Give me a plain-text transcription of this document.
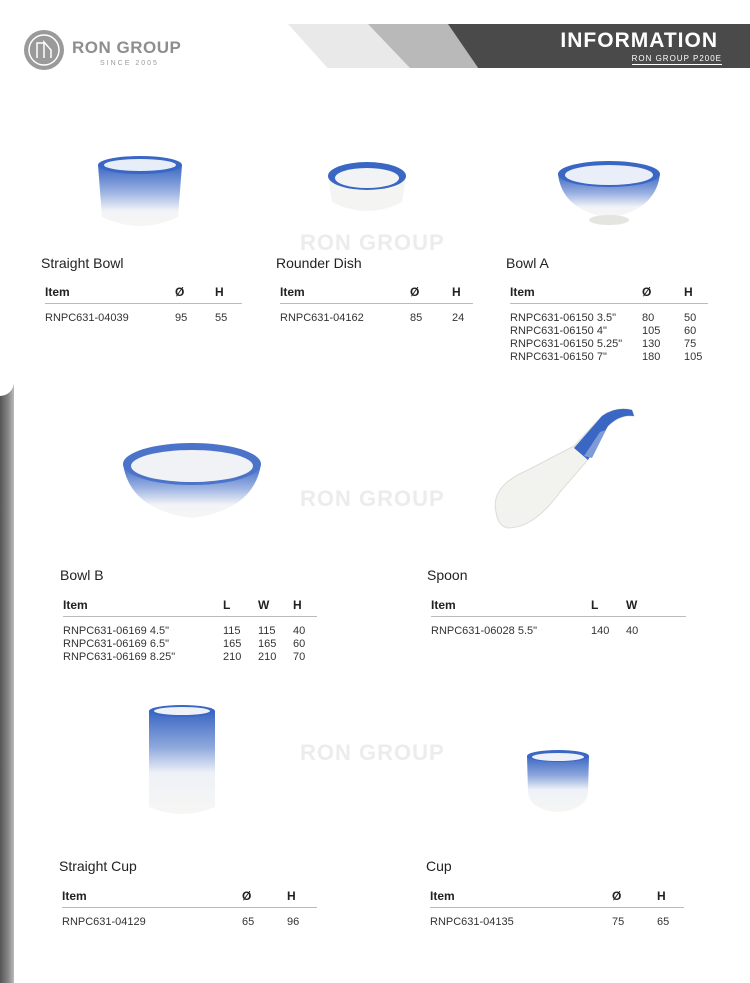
INFORMATION
RON GROUP P200E
RON GROUP
SINCE 2005
RON GROUP
RON GROUP
RON GROUP
Straight Bowl
Item	Ø	H
RNPC631-04039	95	55
Rounder Dish
Item	Ø	H
RNPC631-04162	85	24
Bowl A
Item	Ø	H
RNPC631-06150 3.5"	80	50
RNPC631-06150 4"	105	60
RNPC631-06150 5.25"	130	75
RNPC631-06150 7"	180	105
Bowl B
Item	L	W	H
RNPC631-06169 4.5"	115	115	40
RNPC631-06169 6.5"	165	165	60
RNPC631-06169 8.25"	210	210	70
Spoon
Item	L	W
RNPC631-06028 5.5"	140	40
Straight Cup
Item	Ø	H
RNPC631-04129	65	96
Cup
Item	Ø	H
RNPC631-04135	75	65
